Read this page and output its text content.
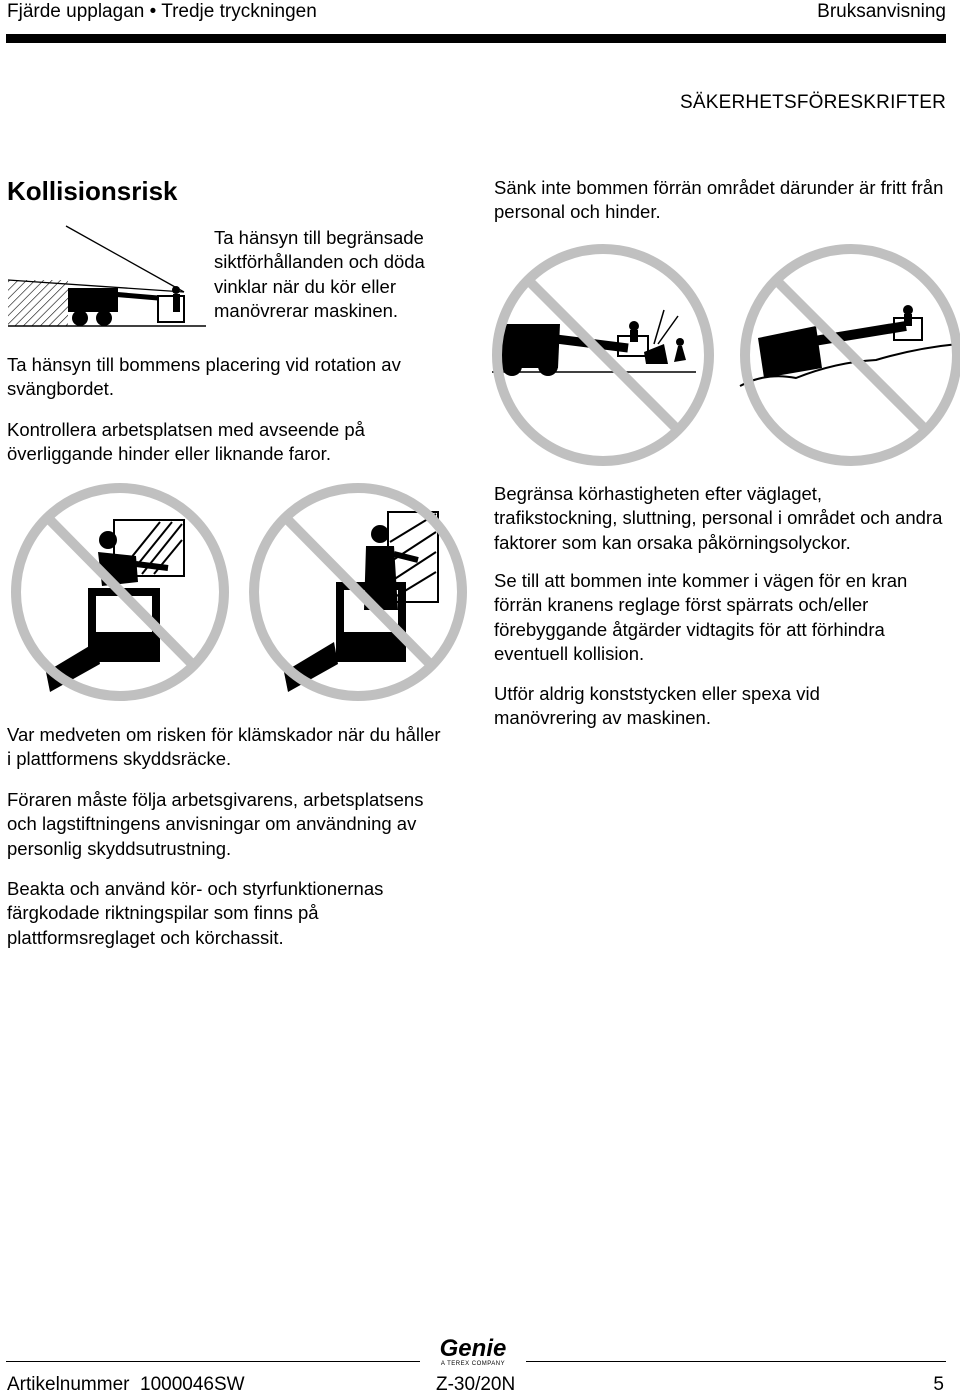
Fjärde upplagan • Tredje tryckningen	Bruksanvisning
SÄKERHETSFÖRESKRIFTER
Kollisionsrisk

Ta hänsyn till begränsade siktförhållanden och döda vinklar när du kör eller manövrerar maskinen.

Ta hänsyn till bommens placering vid rotation av svängbordet.

Kontrollera arbetsplatsen med avseende på överliggande hinder eller liknande faror.

Var medveten om risken för klämskador när du håller i plattformens skyddsräcke.

Föraren måste följa arbetsgivarens, arbetsplatsens och lagstiftningens anvisningar om användning av personlig skyddsutrustning.

Beakta och använd kör- och styrfunktionernas färgkodade riktningspilar som finns på plattformsreglaget och körchassit.

Sänk inte bommen förrän området därunder är fritt från personal och hinder.

Begränsa körhastigheten efter väglaget, trafikstockning, sluttning, personal i området och andra faktorer som kan orsaka påkörningsolyckor.

Se till att bommen inte kommer i vägen för en kran förrän kranens reglage först spärrats och/eller förebyggande åtgärder vidtagits för att förhindra eventuell kollision.

Utför aldrig konststycken eller spexa vid manövrering av maskinen.

Genie
A TEREX COMPANY
Artikelnummer  1000046SW	Z-30/20N	5
